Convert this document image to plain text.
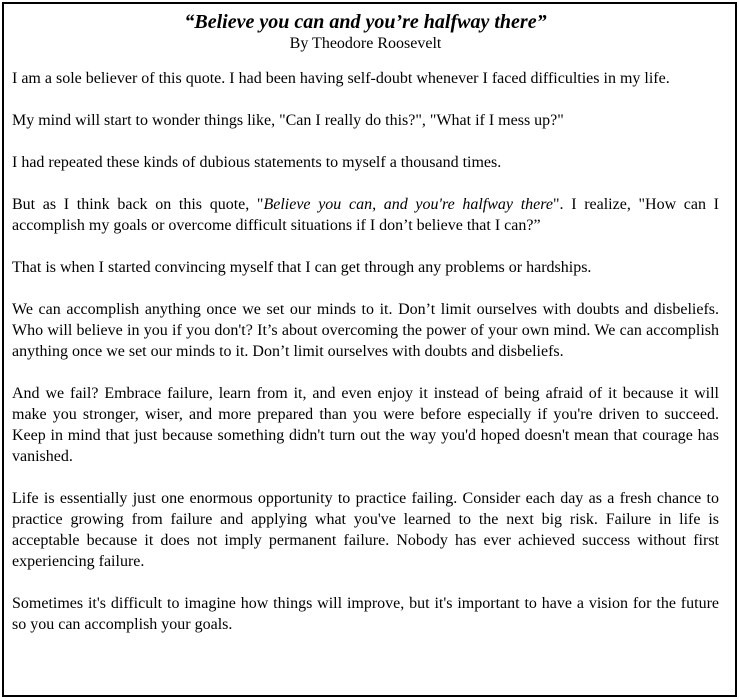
“Believe you can and you’re halfway there”
By Theodore Roosevelt

I am a sole believer of this quote. I had been having self-doubt whenever I faced difficulties in my life.

My mind will start to wonder things like, "Can I really do this?", "What if I mess up?"

I had repeated these kinds of dubious statements to myself a thousand times.

But as I think back on this quote, "Believe you can, and you're halfway there". I realize, "How can I accomplish my goals or overcome difficult situations if I don’t believe that I can?”

That is when I started convincing myself that I can get through any problems or hardships.

We can accomplish anything once we set our minds to it. Don’t limit ourselves with doubts and disbeliefs. Who will believe in you if you don't? It’s about overcoming the power of your own mind. We can accomplish anything once we set our minds to it. Don’t limit ourselves with doubts and disbeliefs.

And we fail? Embrace failure, learn from it, and even enjoy it instead of being afraid of it because it will make you stronger, wiser, and more prepared than you were before especially if you're driven to succeed. Keep in mind that just because something didn't turn out the way you'd hoped doesn't mean that courage has vanished.

Life is essentially just one enormous opportunity to practice failing. Consider each day as a fresh chance to practice growing from failure and applying what you've learned to the next big risk. Failure in life is acceptable because it does not imply permanent failure. Nobody has ever achieved success without first experiencing failure.

Sometimes it's difficult to imagine how things will improve, but it's important to have a vision for the future so you can accomplish your goals.
